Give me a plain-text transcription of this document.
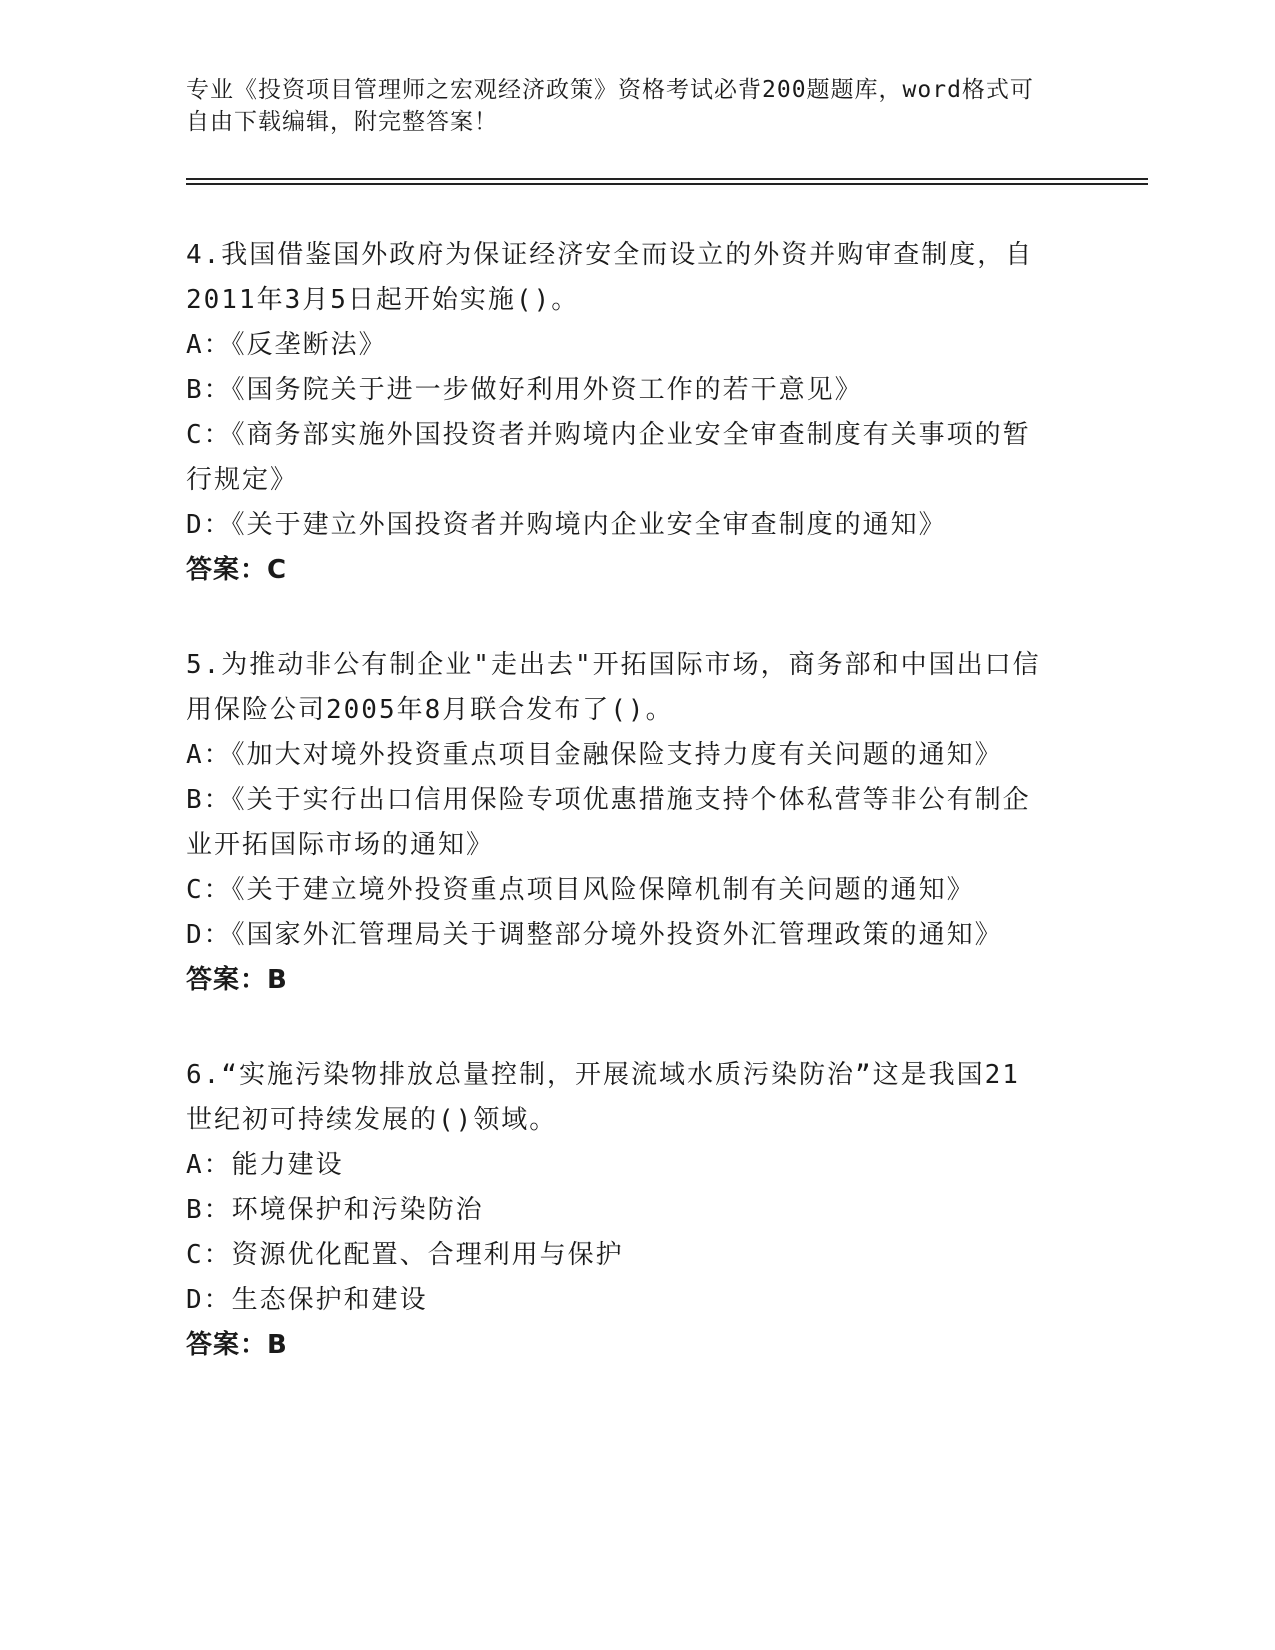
专业《投资项目管理师之宏观经济政策》资格考试必背200题题库，word格式可
自由下载编辑，附完整答案！
4.我国借鉴国外政府为保证经济安全而设立的外资并购审查制度，自
2011年3月5日起开始实施()。
A：《反垄断法》
B：《国务院关于进一步做好利用外资工作的若干意见》
C：《商务部实施外国投资者并购境内企业安全审查制度有关事项的暂
行规定》
D：《关于建立外国投资者并购境内企业安全审查制度的通知》
答案：C
5.为推动非公有制企业"走出去"开拓国际市场，商务部和中国出口信
用保险公司2005年8月联合发布了()。
A：《加大对境外投资重点项目金融保险支持力度有关问题的通知》
B：《关于实行出口信用保险专项优惠措施支持个体私营等非公有制企
业开拓国际市场的通知》
C：《关于建立境外投资重点项目风险保障机制有关问题的通知》
D：《国家外汇管理局关于调整部分境外投资外汇管理政策的通知》
答案：B
6.“实施污染物排放总量控制，开展流域水质污染防治”这是我国21
世纪初可持续发展的()领域。
A：能力建设
B：环境保护和污染防治
C：资源优化配置、合理利用与保护
D：生态保护和建设
答案：B
